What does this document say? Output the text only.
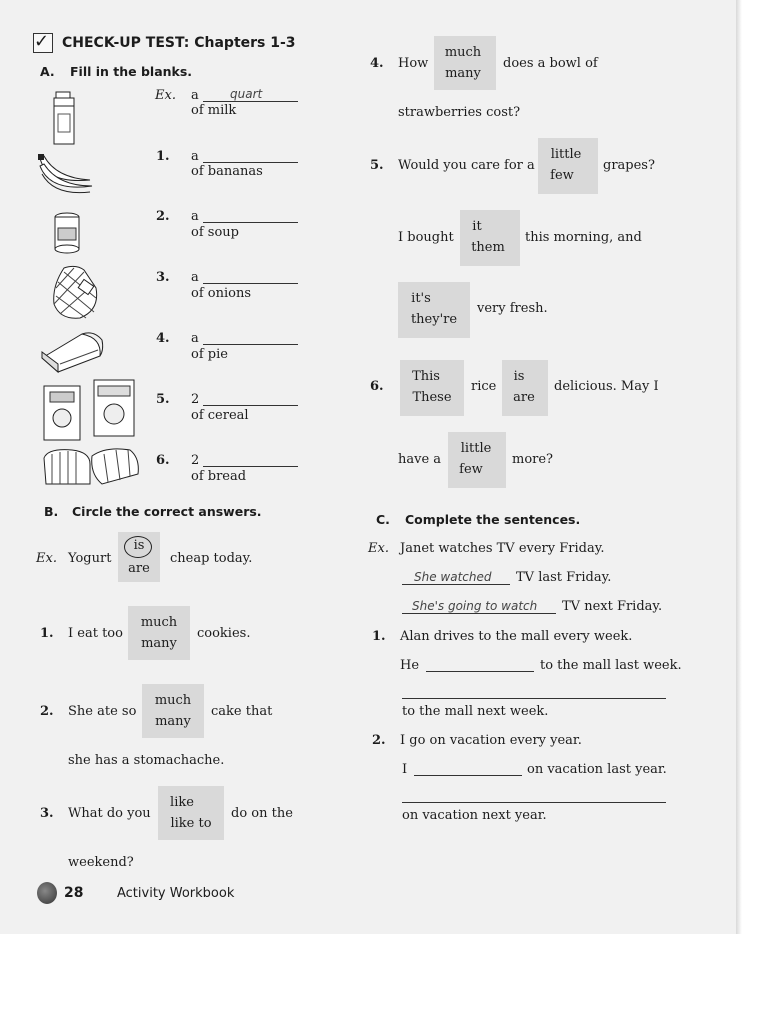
✓ CHECK-UP TEST: Chapters 1-3
A. Fill in the blanks.
Ex. a	quart
of milk
1. a
of bananas
2. a
of soup
3. a
of onions
4. a
of pie
5. 2
of cereal
6. 2
of bread
B. Circle the correct answers.
Ex. Yogurt
is
are
cheap today.
1. I eat too
much
many
cookies.
2. She ate so
much
many
cake that
she has a stomachache.
3. What do you
like
like to
do on the
weekend?
4. How
much
many
does a bowl of
strawberries cost?
5. Would you care for a
little
few
grapes?
I bought
it
them
this morning, and
it's
they're
very fresh.
6.
This
These
rice
is
are
delicious. May I
have a
little
few
more?
C. Complete the sentences.
Ex. Janet watches TV every Friday.
She watched TV last Friday.
She's going to watch TV next Friday.
1. Alan drives to the mall every week.
He	to the mall last week.
to the mall next week.
2. I go on vacation every year.
I	on vacation last year.
on vacation next year.
28	Activity Workbook
